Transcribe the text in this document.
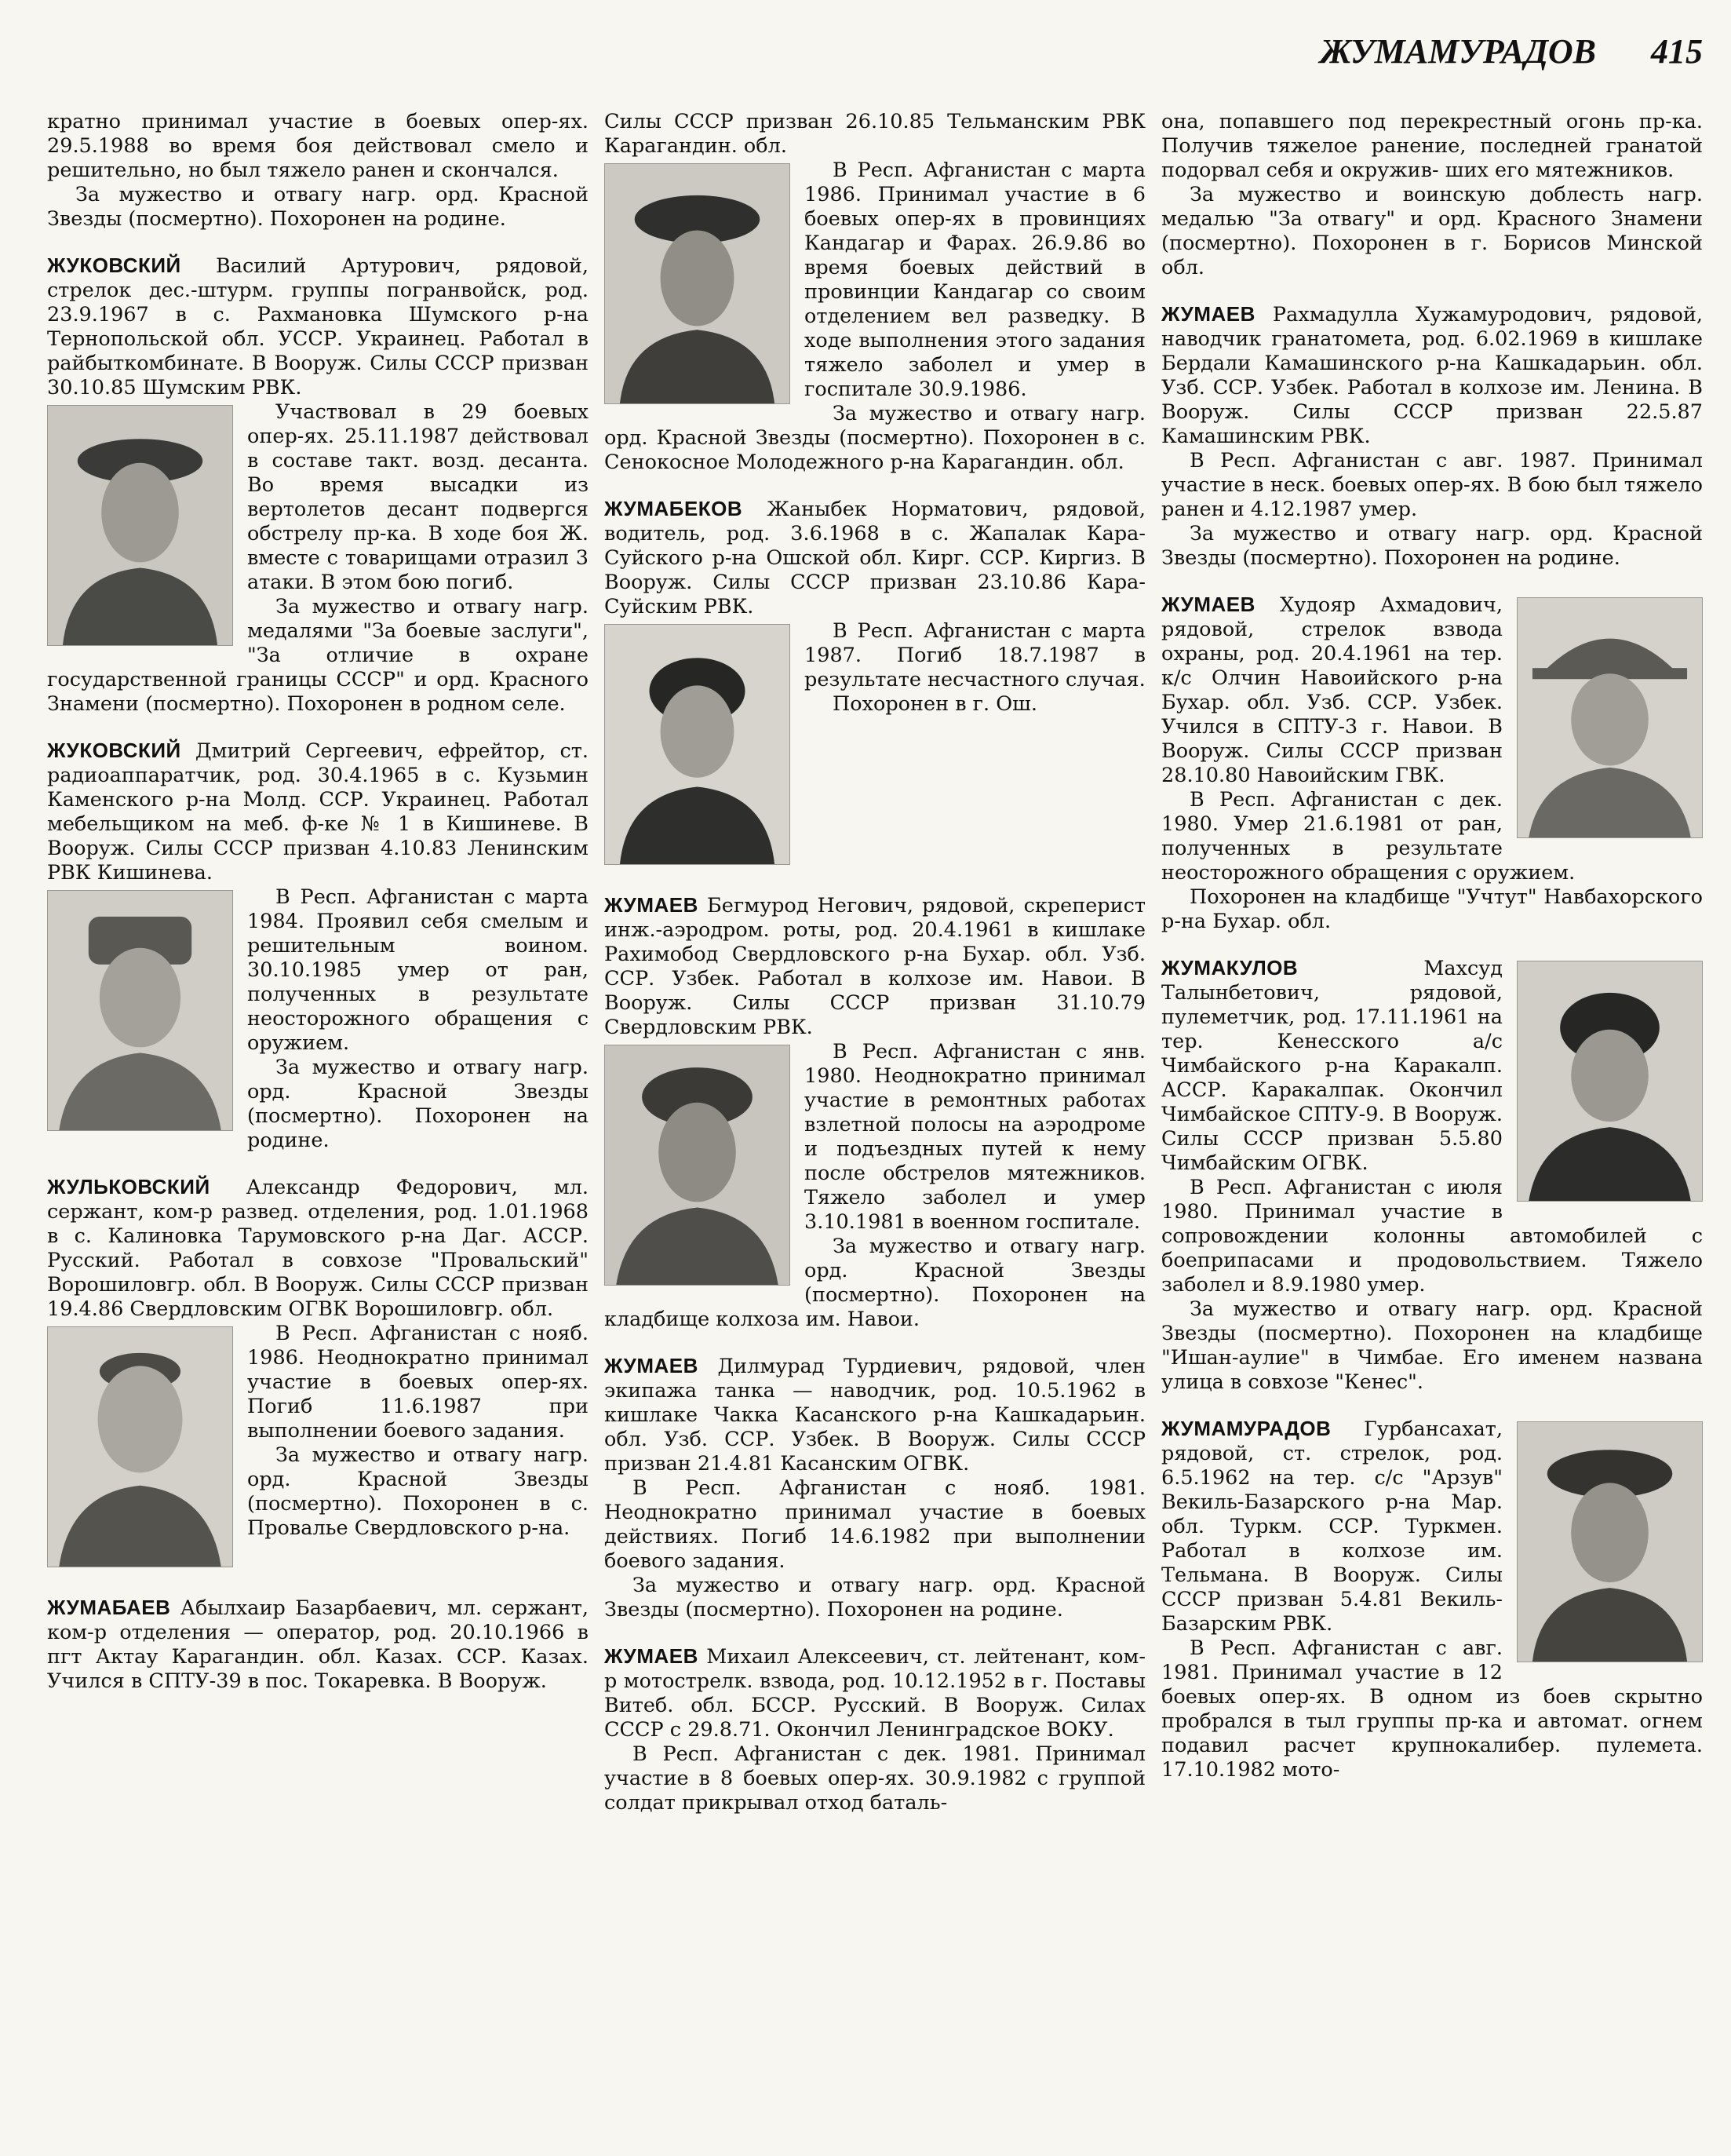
ЖУМАМУРАДОВ 415

кратно принимал участие в боевых опер-ях. 29.5.1988 во время боя действовал смело и решительно, но был тяжело ранен и скончался.

За мужество и отвагу нагр. орд. Красной Звезды (посмертно). Похоронен на родине.

ЖУКОВСКИЙ Василий Артурович, рядовой, стрелок дес.-штурм. группы погранвойск, род. 23.9.1967 в с. Рахмановка Шумского р-на Тернопольской обл. УССР. Украинец. Работал в райбыткомбинате. В Вооруж. Силы СССР призван 30.10.85 Шумским РВК.

Участвовал в 29 боевых опер-ях. 25.11.1987 действовал в составе такт. возд. десанта. Во время высадки из вертолетов десант подвергся обстрелу пр-ка. В ходе боя Ж. вместе с товарищами отразил 3 атаки. В этом бою погиб.

За мужество и отвагу нагр. медалями "За боевые заслуги", "За отличие в охране государственной границы СССР" и орд. Красного Знамени (посмертно). Похоронен в родном селе.

ЖУКОВСКИЙ Дмитрий Сергеевич, ефрейтор, ст. радиоаппаратчик, род. 30.4.1965 в с. Кузьмин Каменского р-на Молд. ССР. Украинец. Работал мебельщиком на меб. ф-ке № 1 в Кишиневе. В Вооруж. Силы СССР призван 4.10.83 Ленинским РВК Кишинева.

В Респ. Афганистан с марта 1984. Проявил себя смелым и решительным воином. 30.10.1985 умер от ран, полученных в результате неосторожного обращения с оружием.

За мужество и отвагу нагр. орд. Красной Звезды (посмертно). Похоронен на родине.

ЖУЛЬКОВСКИЙ Александр Федорович, мл. сержант, ком-р развед. отделения, род. 1.01.1968 в с. Калиновка Тарумовского р-на Даг. АССР. Русский. Работал в совхозе "Провальский" Ворошиловгр. обл. В Вооруж. Силы СССР призван 19.4.86 Свердловским ОГВК Ворошиловгр. обл.

В Респ. Афганистан с нояб. 1986. Неоднократно принимал участие в боевых опер-ях. Погиб 11.6.1987 при выполнении боевого задания.

За мужество и отвагу нагр. орд. Красной Звезды (посмертно). Похоронен в с. Провалье Свердловского р-на.

ЖУМАБАЕВ Абылхаир Базарбаевич, мл. сержант, ком-р отделения — оператор, род. 20.10.1966 в пгт Актау Карагандин. обл. Казах. ССР. Казах. Учился в СПТУ-39 в пос. Токаревка. В Вооруж.

Силы СССР призван 26.10.85 Тельманским РВК Карагандин. обл.

В Респ. Афганистан с марта 1986. Принимал участие в 6 боевых опер-ях в провинциях Кандагар и Фарах. 26.9.86 во время боевых действий в провинции Кандагар со своим отделением вел разведку. В ходе выполнения этого задания тяжело заболел и умер в госпитале 30.9.1986.

За мужество и отвагу нагр. орд. Красной Звезды (посмертно). Похоронен в с. Сенокосное Молодежного р-на Карагандин. обл.

ЖУМАБЕКОВ Жаныбек Норматович, рядовой, водитель, род. 3.6.1968 в с. Жапалак Кара-Суйского р-на Ошской обл. Кирг. ССР. Киргиз. В Вооруж. Силы СССР призван 23.10.86 Кара-Суйским РВК.

В Респ. Афганистан с марта 1987. Погиб 18.7.1987 в результате несчастного случая.

Похоронен в г. Ош.

ЖУМАЕВ Бегмурод Негович, рядовой, скреперист инж.-аэродром. роты, род. 20.4.1961 в кишлаке Рахимобод Свердловского р-на Бухар. обл. Узб. ССР. Узбек. Работал в колхозе им. Навои. В Вооруж. Силы СССР призван 31.10.79 Свердловским РВК.

В Респ. Афганистан с янв. 1980. Неоднократно принимал участие в ремонтных работах взлетной полосы на аэродроме и подъездных путей к нему после обстрелов мятежников. Тяжело заболел и умер 3.10.1981 в военном госпитале.

За мужество и отвагу нагр. орд. Красной Звезды (посмертно). Похоронен на кладбище колхоза им. Навои.

ЖУМАЕВ Дилмурад Турдиевич, рядовой, член экипажа танка — наводчик, род. 10.5.1962 в кишлаке Чакка Касанского р-на Кашкадарьин. обл. Узб. ССР. Узбек. В Вооруж. Силы СССР призван 21.4.81 Касанским ОГВК.

В Респ. Афганистан с нояб. 1981. Неоднократно принимал участие в боевых действиях. Погиб 14.6.1982 при выполнении боевого задания.

За мужество и отвагу нагр. орд. Красной Звезды (посмертно). Похоронен на родине.

ЖУМАЕВ Михаил Алексеевич, ст. лейтенант, ком-р мотострелк. взвода, род. 10.12.1952 в г. Поставы Витеб. обл. БССР. Русский. В Вооруж. Силах СССР с 29.8.71. Окончил Ленинградское ВОКУ.

В Респ. Афганистан с дек. 1981. Принимал участие в 8 боевых опер-ях. 30.9.1982 с группой солдат прикрывал отход баталь-

она, попавшего под перекрестный огонь пр-ка. Получив тяжелое ранение, последней гранатой подорвал себя и окружив- ших его мятежников.

За мужество и воинскую доблесть нагр. медалью "За отвагу" и орд. Красного Знамени (посмертно). Похоронен в г. Борисов Минской обл.

ЖУМАЕВ Рахмадулла Хужамуродович, рядовой, наводчик гранатомета, род. 6.02.1969 в кишлаке Бердали Камашинского р-на Кашкадарьин. обл. Узб. ССР. Узбек. Работал в колхозе им. Ленина. В Вооруж. Силы СССР призван 22.5.87 Камашинским РВК.

В Респ. Афганистан с авг. 1987. Принимал участие в неск. боевых опер-ях. В бою был тяжело ранен и 4.12.1987 умер.

За мужество и отвагу нагр. орд. Красной Звезды (посмертно). Похоронен на родине.

ЖУМАЕВ Худояр Ахмадович, рядовой, стрелок взвода охраны, род. 20.4.1961 на тер. к/с Олчин Навоийского р-на Бухар. обл. Узб. ССР. Узбек. Учился в СПТУ-3 г. Навои. В Вооруж. Силы СССР призван 28.10.80 Навоийским ГВК.

В Респ. Афганистан с дек. 1980. Умер 21.6.1981 от ран, полученных в результате неосторожного обращения с оружием.

Похоронен на кладбище "Учтут" Навбахорского р-на Бухар. обл.

ЖУМАКУЛОВ	Махсуд Талынбетович, рядовой, пулеметчик, род. 17.11.1961 на тер. Кенесского а/с Чимбайского р-на Каракалп. АССР. Каракалпак. Окончил Чимбайское СПТУ-9. В Вооруж. Силы СССР призван 5.5.80 Чимбайским ОГВК.

В Респ. Афганистан с июля 1980. Принимал участие в сопровождении колонны автомобилей с боеприпасами и продовольствием. Тяжело заболел и 8.9.1980 умер.

За мужество и отвагу нагр. орд. Красной Звезды (посмертно). Похоронен на кладбище "Ишан-аулие" в Чимбае. Его именем названа улица в совхозе "Кенес".

ЖУМАМУРАДОВ Гурбансахат, рядовой, ст. стрелок, род. 6.5.1962 на тер. с/с "Арзув" Векиль-Базарского р-на Мар. обл. Туркм. ССР. Туркмен. Работал в колхозе им. Тельмана. В Вооруж. Силы СССР призван 5.4.81 Векиль-Базарским РВК.

В Респ. Афганистан с авг. 1981. Принимал участие в 12 боевых опер-ях. В одном из боев скрытно пробрался в тыл группы пр-ка и автомат. огнем подавил расчет крупнокалибер. пулемета. 17.10.1982 мото-
